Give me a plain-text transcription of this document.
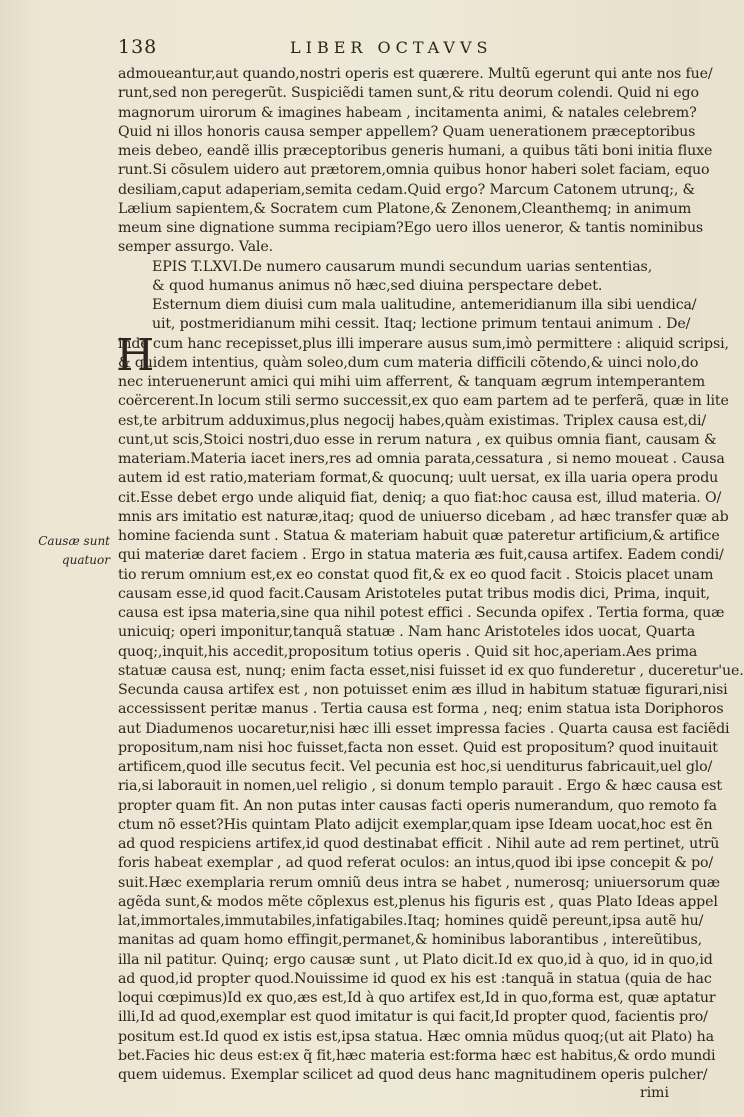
138	LIBER OCTAVVS
Causæ sunt
quatuor
admoueantur,aut quando,nostri operis est quærere. Multũ egerunt qui ante nos fue/
runt,sed non peregerũt. Suspiciẽdi tamen sunt,& ritu deorum colendi. Quid ni ego
magnorum uirorum & imagines habeam , incitamenta animi, & natales celebrem?
Quid ni illos honoris causa semper appellem? Quam uenerationem præceptoribus
meis debeo, eandẽ illis præceptoribus generis humani, a quibus tãti boni initia fluxe
runt.Si cõsulem uidero aut prætorem,omnia quibus honor haberi solet faciam, equo
desiliam,caput adaperiam,semita cedam.Quid ergo? Marcum Catonem utrunq;, &
Lælium sapientem,& Socratem cum Platone,& Zenonem,Cleanthemq; in animum
meum sine dignatione summa recipiam?Ego uero illos ueneror, & tantis nominibus
semper assurgo. Vale.
EPIS T.LXVI.De numero causarum mundi secundum uarias sententias,
& quod humanus animus nõ hæc,sed diuina perspectare debet.
H
Esternum diem diuisi cum mala ualitudine, antemeridianum illa sibi uendica/
uit, postmeridianum mihi cessit. Itaq; lectione primum tentaui animum . De/
inde cum hanc recepisset,plus illi imperare ausus sum,imò permittere : aliquid scripsi,
& quidem intentius, quàm soleo,dum cum materia difficili cõtendo,& uinci nolo,do
nec interuenerunt amici qui mihi uim afferrent, & tanquam ægrum intemperantem
coërcerent.In locum stili sermo successit,ex quo eam partem ad te perferã, quæ in lite
est,te arbitrum adduximus,plus negocij habes,quàm existimas. Triplex causa est,di/
cunt,ut scis,Stoici nostri,duo esse in rerum natura , ex quibus omnia fiant, causam &
materiam.Materia iacet iners,res ad omnia parata,cessatura , si nemo moueat . Causa
autem id est ratio,materiam format,& quocunq; uult uersat, ex illa uaria opera produ
cit.Esse debet ergo unde aliquid fiat, deniq; a quo fiat:hoc causa est, illud materia. O/
mnis ars imitatio est naturæ,itaq; quod de uniuerso dicebam , ad hæc transfer quæ ab
homine facienda sunt . Statua & materiam habuit quæ pateretur artificium,& artifice
qui materiæ daret faciem . Ergo in statua materia æs fuit,causa artifex. Eadem condi/
tio rerum omnium est,ex eo constat quod fit,& ex eo quod facit . Stoicis placet unam
causam esse,id quod facit.Causam Aristoteles putat tribus modis dici, Prima, inquit,
causa est ipsa materia,sine qua nihil potest effici . Secunda opifex . Tertia forma, quæ
unicuiq; operi imponitur,tanquã statuæ . Nam hanc Aristoteles idos uocat, Quarta
quoq;,inquit,his accedit,propositum totius operis . Quid sit hoc,aperiam.Aes prima
statuæ causa est, nunq; enim facta esset,nisi fuisset id ex quo funderetur , duceretur'ue.
Secunda causa artifex est , non potuisset enim æs illud in habitum statuæ figurari,nisi
accessissent peritæ manus . Tertia causa est forma , neq; enim statua ista Doriphoros
aut Diadumenos uocaretur,nisi hæc illi esset impressa facies . Quarta causa est faciẽdi
propositum,nam nisi hoc fuisset,facta non esset. Quid est propositum? quod inuitauit
artificem,quod ille secutus fecit. Vel pecunia est hoc,si uenditurus fabricauit,uel glo/
ria,si laborauit in nomen,uel religio , si donum templo parauit . Ergo & hæc causa est
propter quam fit. An non putas inter causas facti operis numerandum, quo remoto fa
ctum nõ esset?His quintam Plato adijcit exemplar,quam ipse Ideam uocat,hoc est ẽn
ad quod respiciens artifex,id quod destinabat efficit . Nihil aute ad rem pertinet, utrũ
foris habeat exemplar , ad quod referat oculos: an intus,quod ibi ipse concepit & po/
suit.Hæc exemplaria rerum omniũ deus intra se habet , numerosq; uniuersorum quæ
agẽda sunt,& modos mẽte cõplexus est,plenus his figuris est , quas Plato Ideas appel
lat,immortales,immutabiles,infatigabiles.Itaq; homines quidẽ pereunt,ipsa autẽ hu/
manitas ad quam homo effingit,permanet,& hominibus laborantibus , intereũtibus,
illa nil patitur. Quinq; ergo causæ sunt , ut Plato dicit.Id ex quo,id à quo, id in quo,id
ad quod,id propter quod.Nouissime id quod ex his est :tanquã in statua (quia de hac
loqui cœpimus)Id ex quo,æs est,Id à quo artifex est,Id in quo,forma est, quæ aptatur
illi,Id ad quod,exemplar est quod imitatur is qui facit,Id propter quod, facientis pro/
positum est.Id quod ex istis est,ipsa statua. Hæc omnia mũdus quoq;(ut ait Plato) ha
bet.Facies hic deus est:ex q̃ fit,hæc materia est:forma hæc est habitus,& ordo mundi
quem uidemus. Exemplar scilicet ad quod deus hanc magnitudinem operis pulcher/
rimi
